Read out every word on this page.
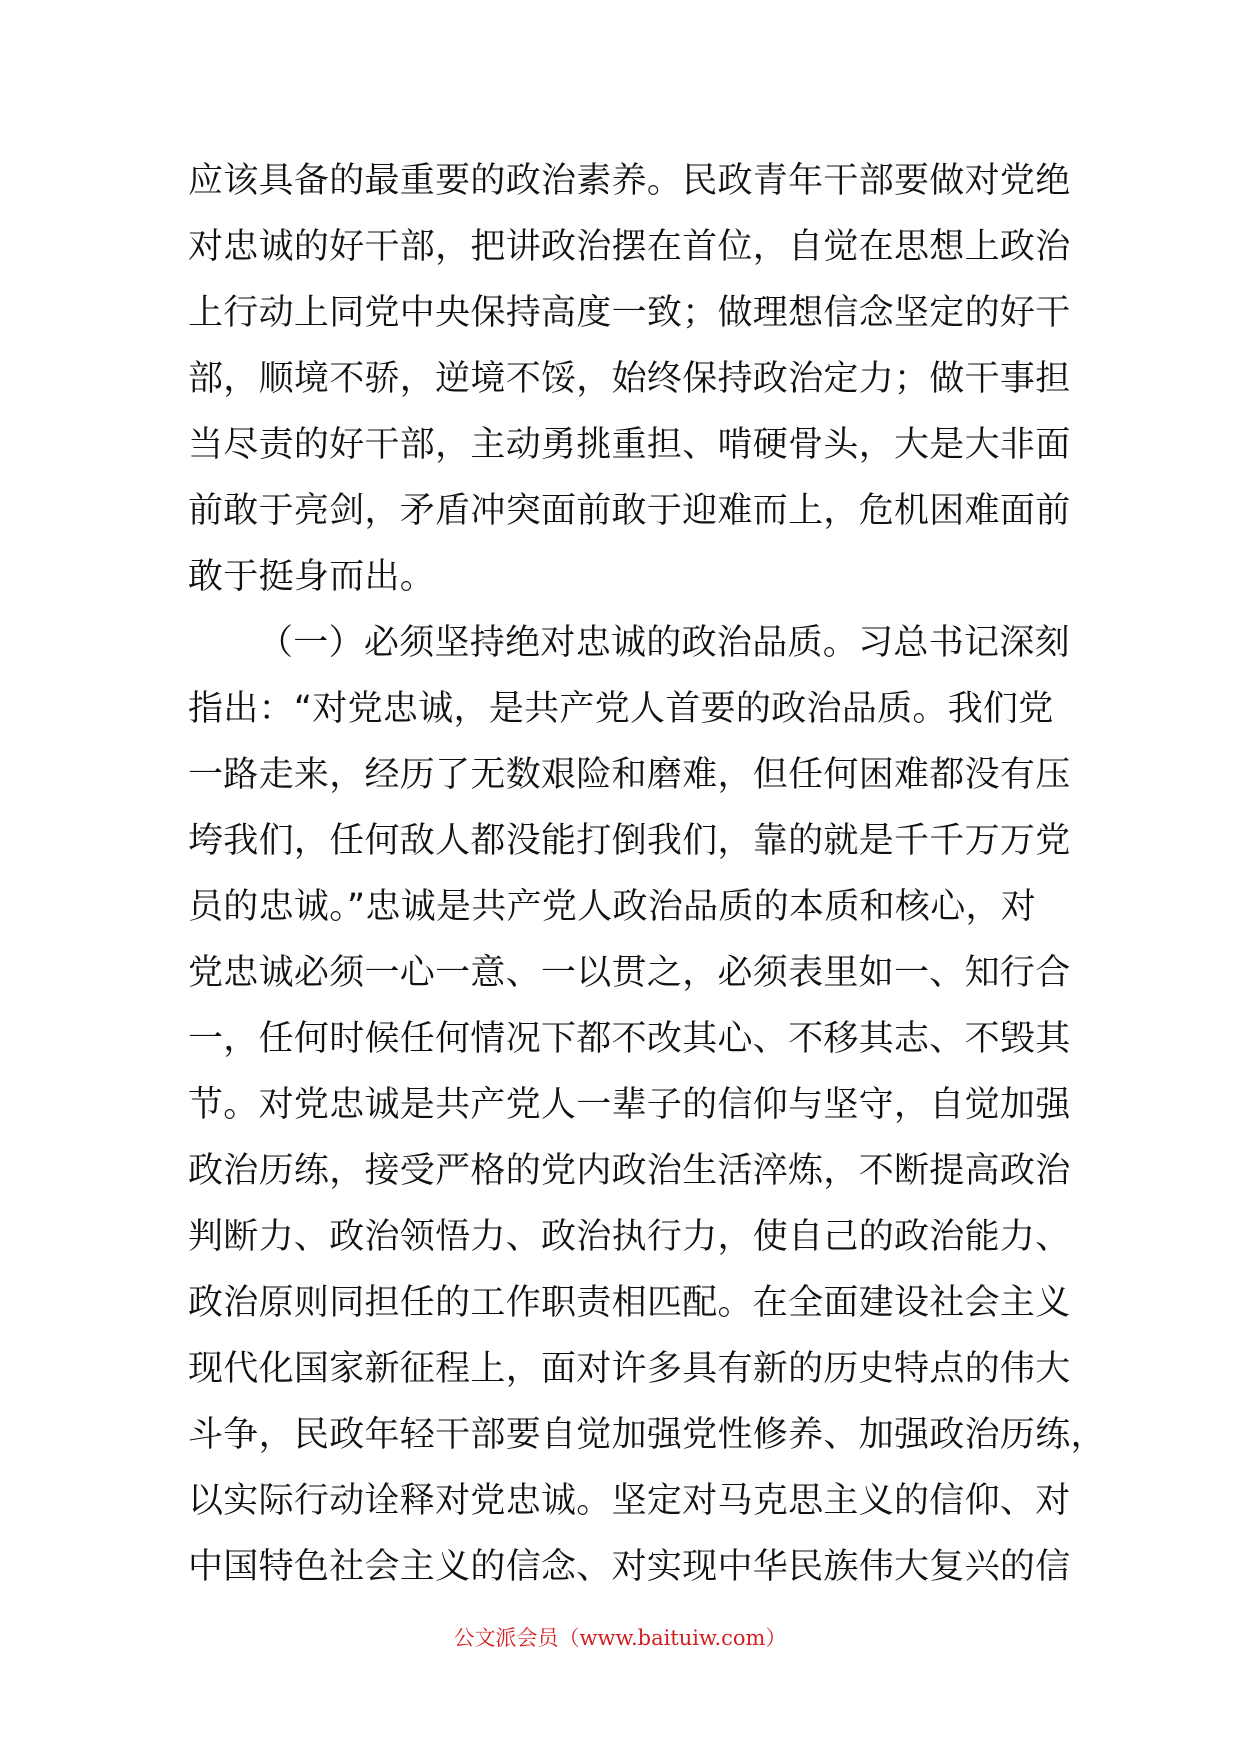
应该具备的最重要的政治素养。民政青年干部要做对党绝
对忠诚的好干部，把讲政治摆在首位，自觉在思想上政治
上行动上同党中央保持高度一致；做理想信念坚定的好干
部，顺境不骄，逆境不馁，始终保持政治定力；做干事担
当尽责的好干部，主动勇挑重担、啃硬骨头，大是大非面
前敢于亮剑，矛盾冲突面前敢于迎难而上，危机困难面前
敢于挺身而出。
（一）必须坚持绝对忠诚的政治品质。习总书记深刻
指出：“对党忠诚，是共产党人首要的政治品质。我们党
一路走来，经历了无数艰险和磨难，但任何困难都没有压
垮我们，任何敌人都没能打倒我们，靠的就是千千万万党
员的忠诚。”忠诚是共产党人政治品质的本质和核心，对
党忠诚必须一心一意、一以贯之，必须表里如一、知行合
一，任何时候任何情况下都不改其心、不移其志、不毁其
节。对党忠诚是共产党人一辈子的信仰与坚守，自觉加强
政治历练，接受严格的党内政治生活淬炼，不断提高政治
判断力、政治领悟力、政治执行力，使自己的政治能力、
政治原则同担任的工作职责相匹配。在全面建设社会主义
现代化国家新征程上，面对许多具有新的历史特点的伟大
斗争，民政年轻干部要自觉加强党性修养、加强政治历练，
以实际行动诠释对党忠诚。坚定对马克思主义的信仰、对
中国特色社会主义的信念、对实现中华民族伟大复兴的信
公文派会员（www.baituiw.com）
